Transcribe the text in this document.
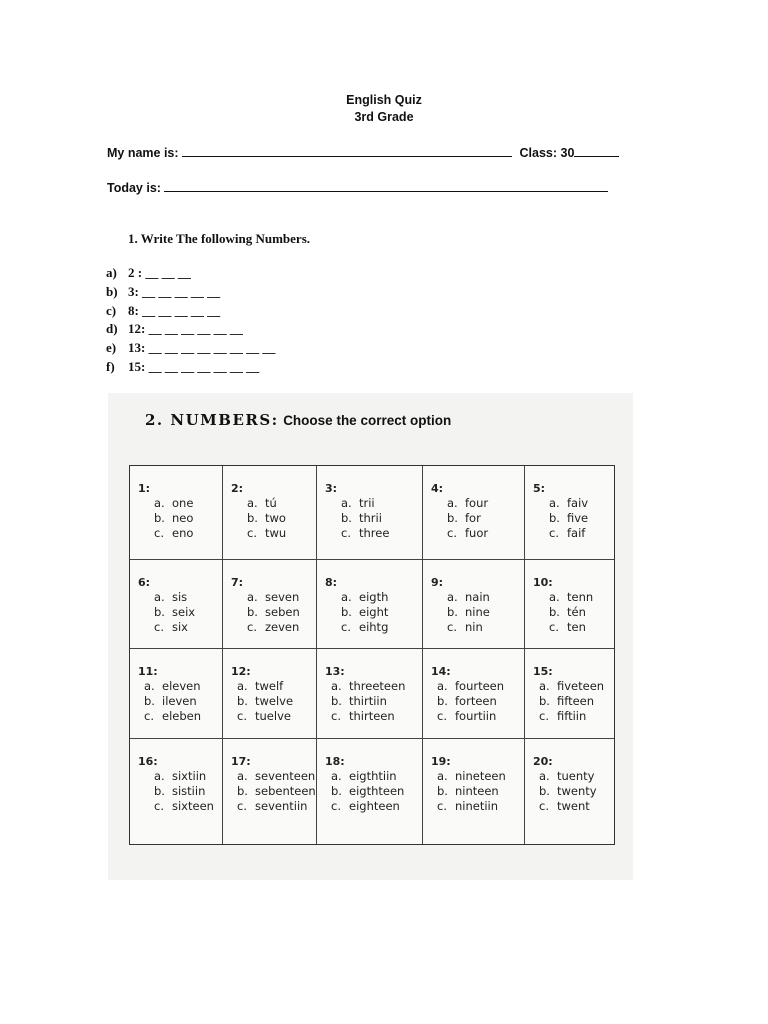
English Quiz
3rd Grade
My name is:	Class: 30
Today is:
1. Write The following Numbers.
a) 2 : __ __ __
b) 3: __ __ __ __ __
c) 8: __ __ __ __ __
d) 12: __ __ __ __ __ __
e) 13: __ __ __ __ __ __ __ __
f) 15: __ __ __ __ __ __ __
2. NUMBERS: Choose the correct option
1:
a. one
b. neo
c. eno
2:
a. tú
b. two
c. twu
3:
a. trii
b. thrii
c. three
4:
a. four
b. for
c. fuor
5:
a. faiv
b. five
c. faif
6:
a. sis
b. seix
c. six
7:
a. seven
b. seben
c. zeven
8:
a. eigth
b. eight
c. eihtg
9:
a. nain
b. nine
c. nin
10:
a. tenn
b. tén
c. ten
11:
a. eleven
b. ileven
c. eleben
12:
a. twelf
b. twelve
c. tuelve
13:
a. threeteen
b. thirtiin
c. thirteen
14:
a. fourteen
b. forteen
c. fourtiin
15:
a. fiveteen
b. fifteen
c. fiftiin
16:
a. sixtiin
b. sistiin
c. sixteen
17:
a. seventeen
b. sebenteen
c. seventiin
18:
a. eigthtiin
b. eigthteen
c. eighteen
19:
a. nineteen
b. ninteen
c. ninetiin
20:
a. tuenty
b. twenty
c. twent
